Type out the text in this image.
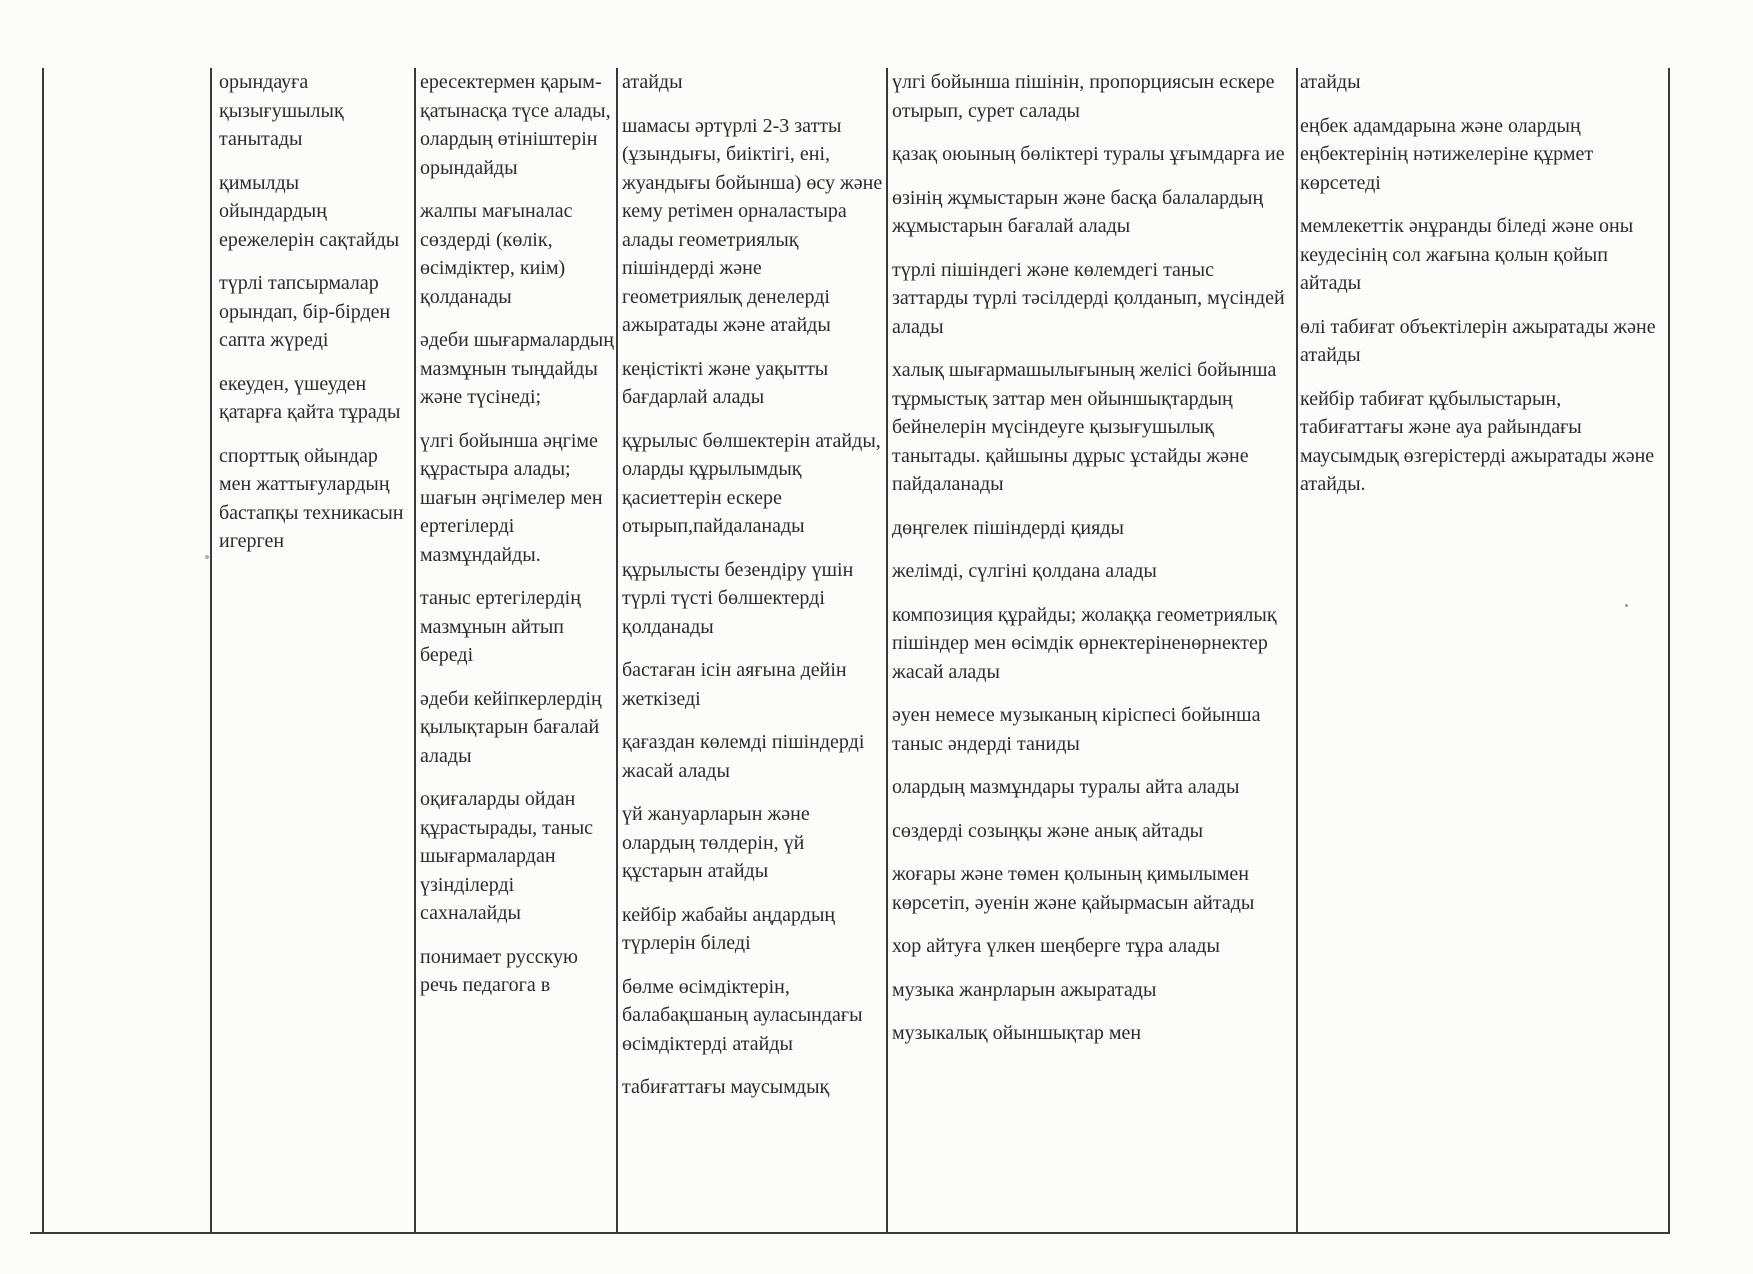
орындауға қызығушылық танытады

қимылды ойындардың ережелерін сақтайды

түрлі тапсырмалар орындап, бір-бірден сапта жүреді

екеуден, үшеуден қатарға қайта тұрады

спорттық ойындар мен жаттығулардың бастапқы техникасын игерген

ересектермен қарым-қатынасқа түсе алады, олардың өтініштерін орындайды

жалпы мағыналас сөздерді (көлік, өсімдіктер, киім) қолданады

әдеби шығармалардың мазмұнын тыңдайды және түсінеді;

үлгі бойынша әңгіме құрастыра алады; шағын әңгімелер мен ертегілерді мазмұндайды.

таныс ертегілердің мазмұнын айтып береді

әдеби кейіпкерлердің қылықтарын бағалай алады

оқиғаларды ойдан құрастырады, таныс шығармалардан үзінділерді сахналайды

понимает русскую речь педагога в

атайды

шамасы әртүрлі 2-3 затты (ұзындығы, биіктігі, ені, жуандығы бойынша) өсу және кему ретімен орналастыра алады геометриялық пішіндерді және геометриялық денелерді ажыратады және атайды

кеңістікті және уақытты бағдарлай алады

құрылыс бөлшектерін атайды, оларды құрылымдық қасиеттерін ескере отырып,пайдаланады

құрылысты безендіру үшін түрлі түсті бөлшектерді қолданады

бастаған ісін аяғына дейін жеткізеді

қағаздан көлемді пішіндерді жасай алады

үй жануарларын және олардың төлдерін, үй құстарын атайды

кейбір жабайы аңдардың түрлерін біледі

бөлме өсімдіктерін, балабақшаның ауласындағы өсімдіктерді атайды

табиғаттағы маусымдық

үлгі бойынша пішінін, пропорциясын ескере отырып, сурет салады

қазақ оюының бөліктері туралы ұғымдарға ие

өзінің жұмыстарын және басқа балалардың жұмыстарын бағалай алады

түрлі пішіндегі және көлемдегі таныс заттарды түрлі тәсілдерді қолданып, мүсіндей алады

халық шығармашылығының желісі бойынша тұрмыстық заттар мен ойыншықтардың бейнелерін мүсіндеуге қызығушылық танытады. қайшыны дұрыс ұстайды және пайдаланады

дөңгелек пішіндерді қияды

желімді, сүлгіні қолдана алады

композиция құрайды; жолаққа геометриялық пішіндер мен өсімдік өрнектеріненөрнектер жасай алады

әуен немесе музыканың кіріспесі бойынша таныс әндерді таниды

олардың мазмұндары туралы айта алады

сөздерді созыңқы және анық айтады

жоғары және төмен қолының қимылымен көрсетіп, әуенін және қайырмасын айтады

хор айтуға үлкен шеңберге тұра алады

музыка жанрларын ажыратады

музыкалық ойыншықтар мен

атайды

еңбек адамдарына және олардың еңбектерінің нәтижелеріне құрмет көрсетеді

мемлекеттік әнұранды біледі және оны кеудесінің сол жағына қолын қойып айтады

өлі табиғат объектілерін ажыратады және атайды

кейбір табиғат құбылыстарын, табиғаттағы және ауа райындағы маусымдық өзгерістерді ажыратады және атайды.
